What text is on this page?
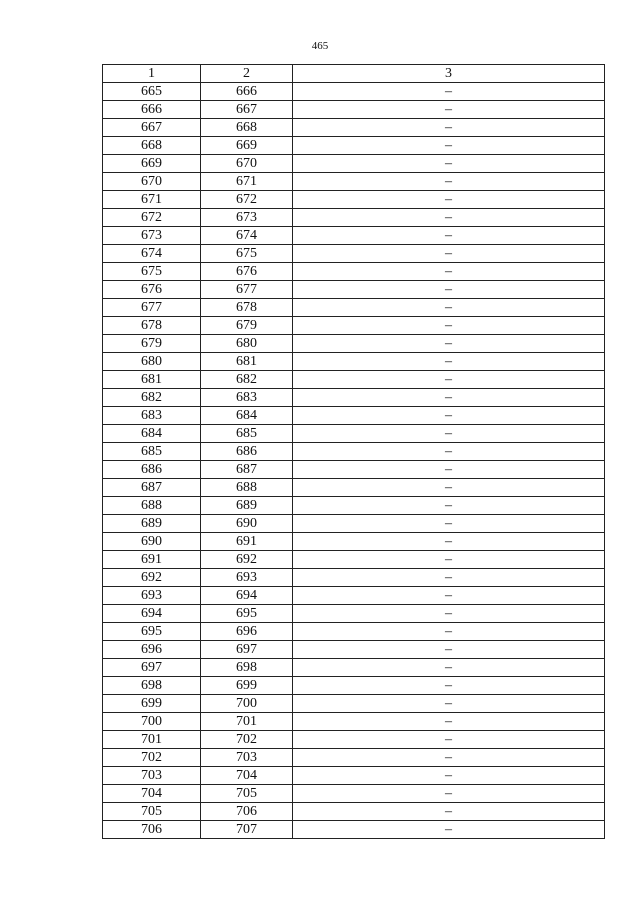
465
1	2	3
665	666	–
666	667	–
667	668	–
668	669	–
669	670	–
670	671	–
671	672	–
672	673	–
673	674	–
674	675	–
675	676	–
676	677	–
677	678	–
678	679	–
679	680	–
680	681	–
681	682	–
682	683	–
683	684	–
684	685	–
685	686	–
686	687	–
687	688	–
688	689	–
689	690	–
690	691	–
691	692	–
692	693	–
693	694	–
694	695	–
695	696	–
696	697	–
697	698	–
698	699	–
699	700	–
700	701	–
701	702	–
702	703	–
703	704	–
704	705	–
705	706	–
706	707	–
